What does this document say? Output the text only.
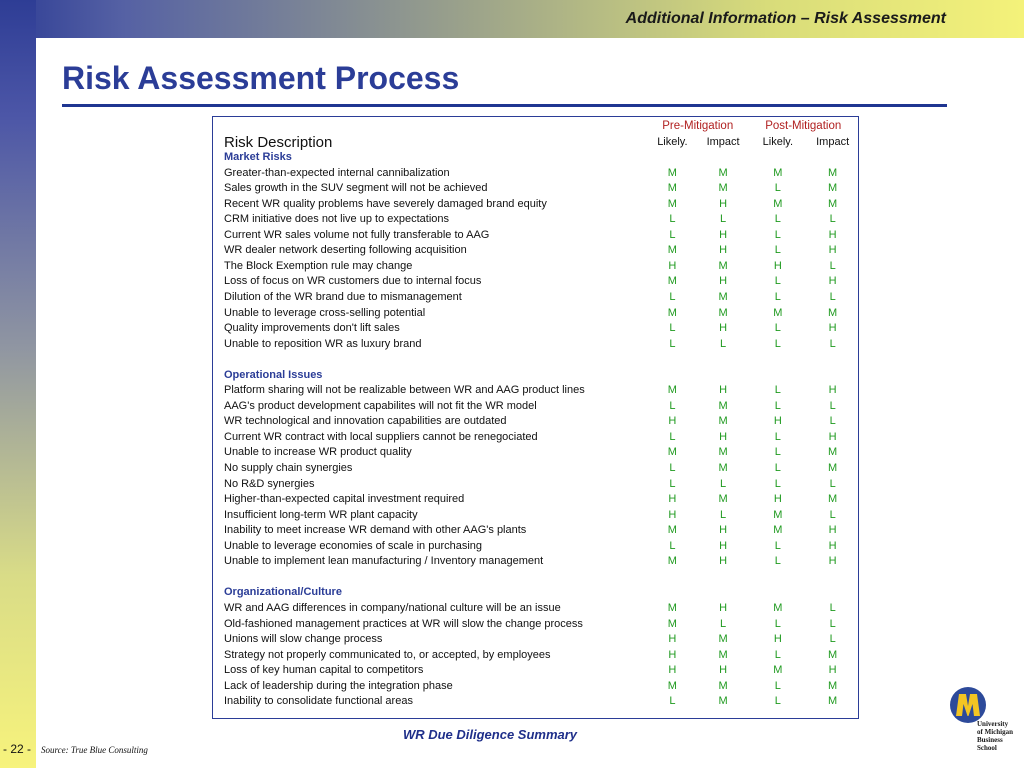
Additional Information – Risk Assessment
Risk Assessment Process
	Pre-Mitigation		Post-Mitigation	
Risk Description	Likely.	Impact	Likely.	Impact
Market Risks				
Greater-than-expected internal cannibalization	M	M	M	M
Sales growth in the SUV segment will not be achieved	M	M	L	M
Recent WR quality problems have severely damaged brand equity	M	H	M	M
CRM initiative does not live up to expectations	L	L	L	L
Current WR sales volume not fully transferable to AAG	L	H	L	H
WR dealer network deserting following acquisition	M	H	L	H
The Block Exemption rule may change	H	M	H	L
Loss of focus on WR customers due to internal focus	M	H	L	H
Dilution of the WR brand due to mismanagement	L	M	L	L
Unable to leverage cross-selling potential	M	M	M	M
Quality improvements don't lift sales	L	H	L	H
Unable to reposition WR as luxury brand	L	L	L	L

Operational Issues				
Platform sharing will not be realizable between WR and AAG product lines	M	H	L	H
AAG's product development capabilites will not fit the WR model	L	M	L	L
WR technological and innovation capabilities are outdated	H	M	H	L
Current WR contract with local suppliers cannot be renegociated	L	H	L	H
Unable to increase WR product quality	M	M	L	M
No supply chain synergies	L	M	L	M
No R&D synergies	L	L	L	L
Higher-than-expected capital investment required	H	M	H	M
Insufficient long-term WR plant capacity	H	L	M	L
Inability to meet increase WR demand with other AAG's plants	M	H	M	H
Unable to leverage economies of scale in purchasing	L	H	L	H
Unable to implement lean manufacturing / Inventory management	M	H	L	H

Organizational/Culture				
WR and AAG differences in company/national culture will be an issue	M	H	M	L
Old-fashioned management practices at WR will slow the change process	M	L	L	L
Unions will slow change process	H	M	H	L
Strategy not properly communicated to, or accepted, by employees	H	M	L	M
Loss of key human capital to competitors	H	H	M	H
Lack of leadership during the integration phase	M	M	L	M
Inability to consolidate functional areas	L	M	L	M
WR Due Diligence Summary
- 22 - Source: True Blue Consulting
University
of Michigan
Business
School
